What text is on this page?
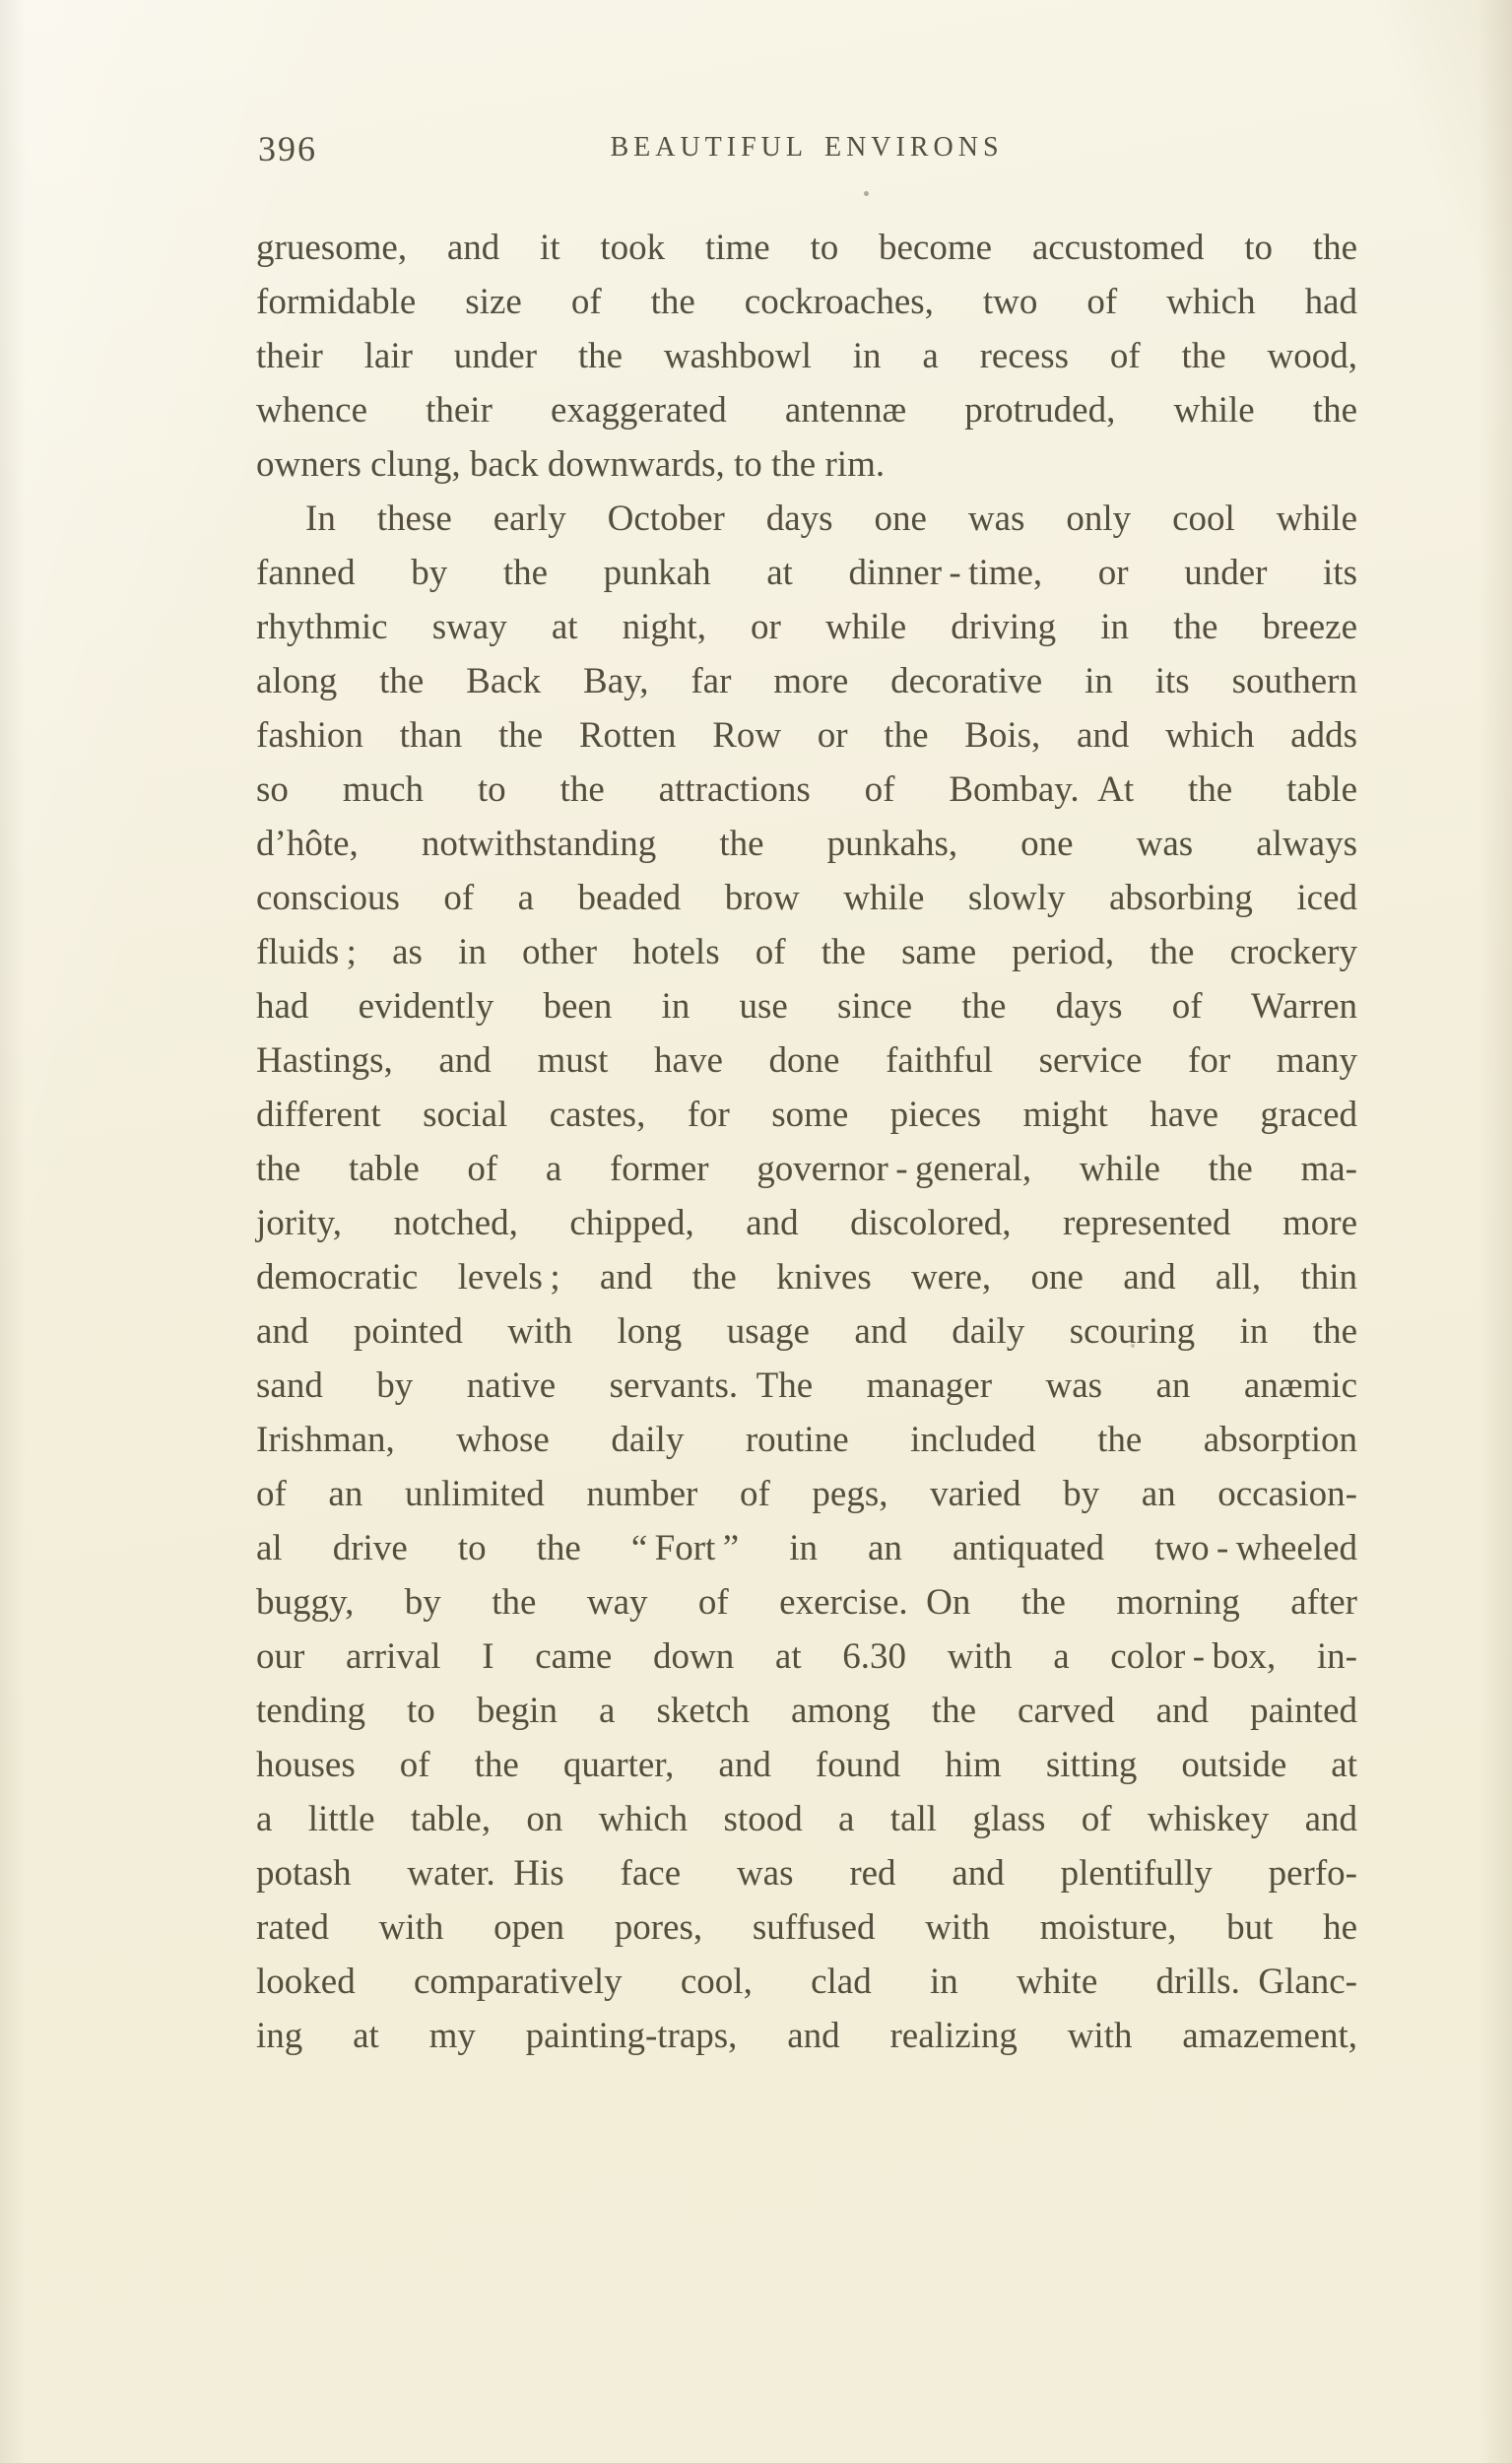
396	BEAUTIFUL ENVIRONS
gruesome, and it took time to become accustomed to the
formidable size of the cockroaches, two of which had
their lair under the washbowl in a recess of the wood,
whence their exaggerated antennæ protruded, while the
owners clung, back downwards, to the rim.
In these early October days one was only cool while
fanned by the punkah at dinner - time, or under its
rhythmic sway at night, or while driving in the breeze
along the Back Bay, far more decorative in its southern
fashion than the Rotten Row or the Bois, and which adds
so much to the attractions of Bombay. At the table
d’hôte, notwithstanding the punkahs, one was always
conscious of a beaded brow while slowly absorbing iced
fluids ; as in other hotels of the same period, the crockery
had evidently been in use since the days of Warren
Hastings, and must have done faithful service for many
different social castes, for some pieces might have graced
the table of a former governor - general, while the ma-
jority, notched, chipped, and discolored, represented more
democratic levels ; and the knives were, one and all, thin
and pointed with long usage and daily scouring in the
sand by native servants. The manager was an anæmic
Irishman, whose daily routine included the absorption
of an unlimited number of pegs, varied by an occasion-
al drive to the “ Fort ” in an antiquated two - wheeled
buggy, by the way of exercise. On the morning after
our arrival I came down at 6.30 with a color - box, in-
tending to begin a sketch among the carved and painted
houses of the quarter, and found him sitting outside at
a little table, on which stood a tall glass of whiskey and
potash water. His face was red and plentifully perfo-
rated with open pores, suffused with moisture, but he
looked comparatively cool, clad in white drills. Glanc-
ing at my painting-traps, and realizing with amazement,
